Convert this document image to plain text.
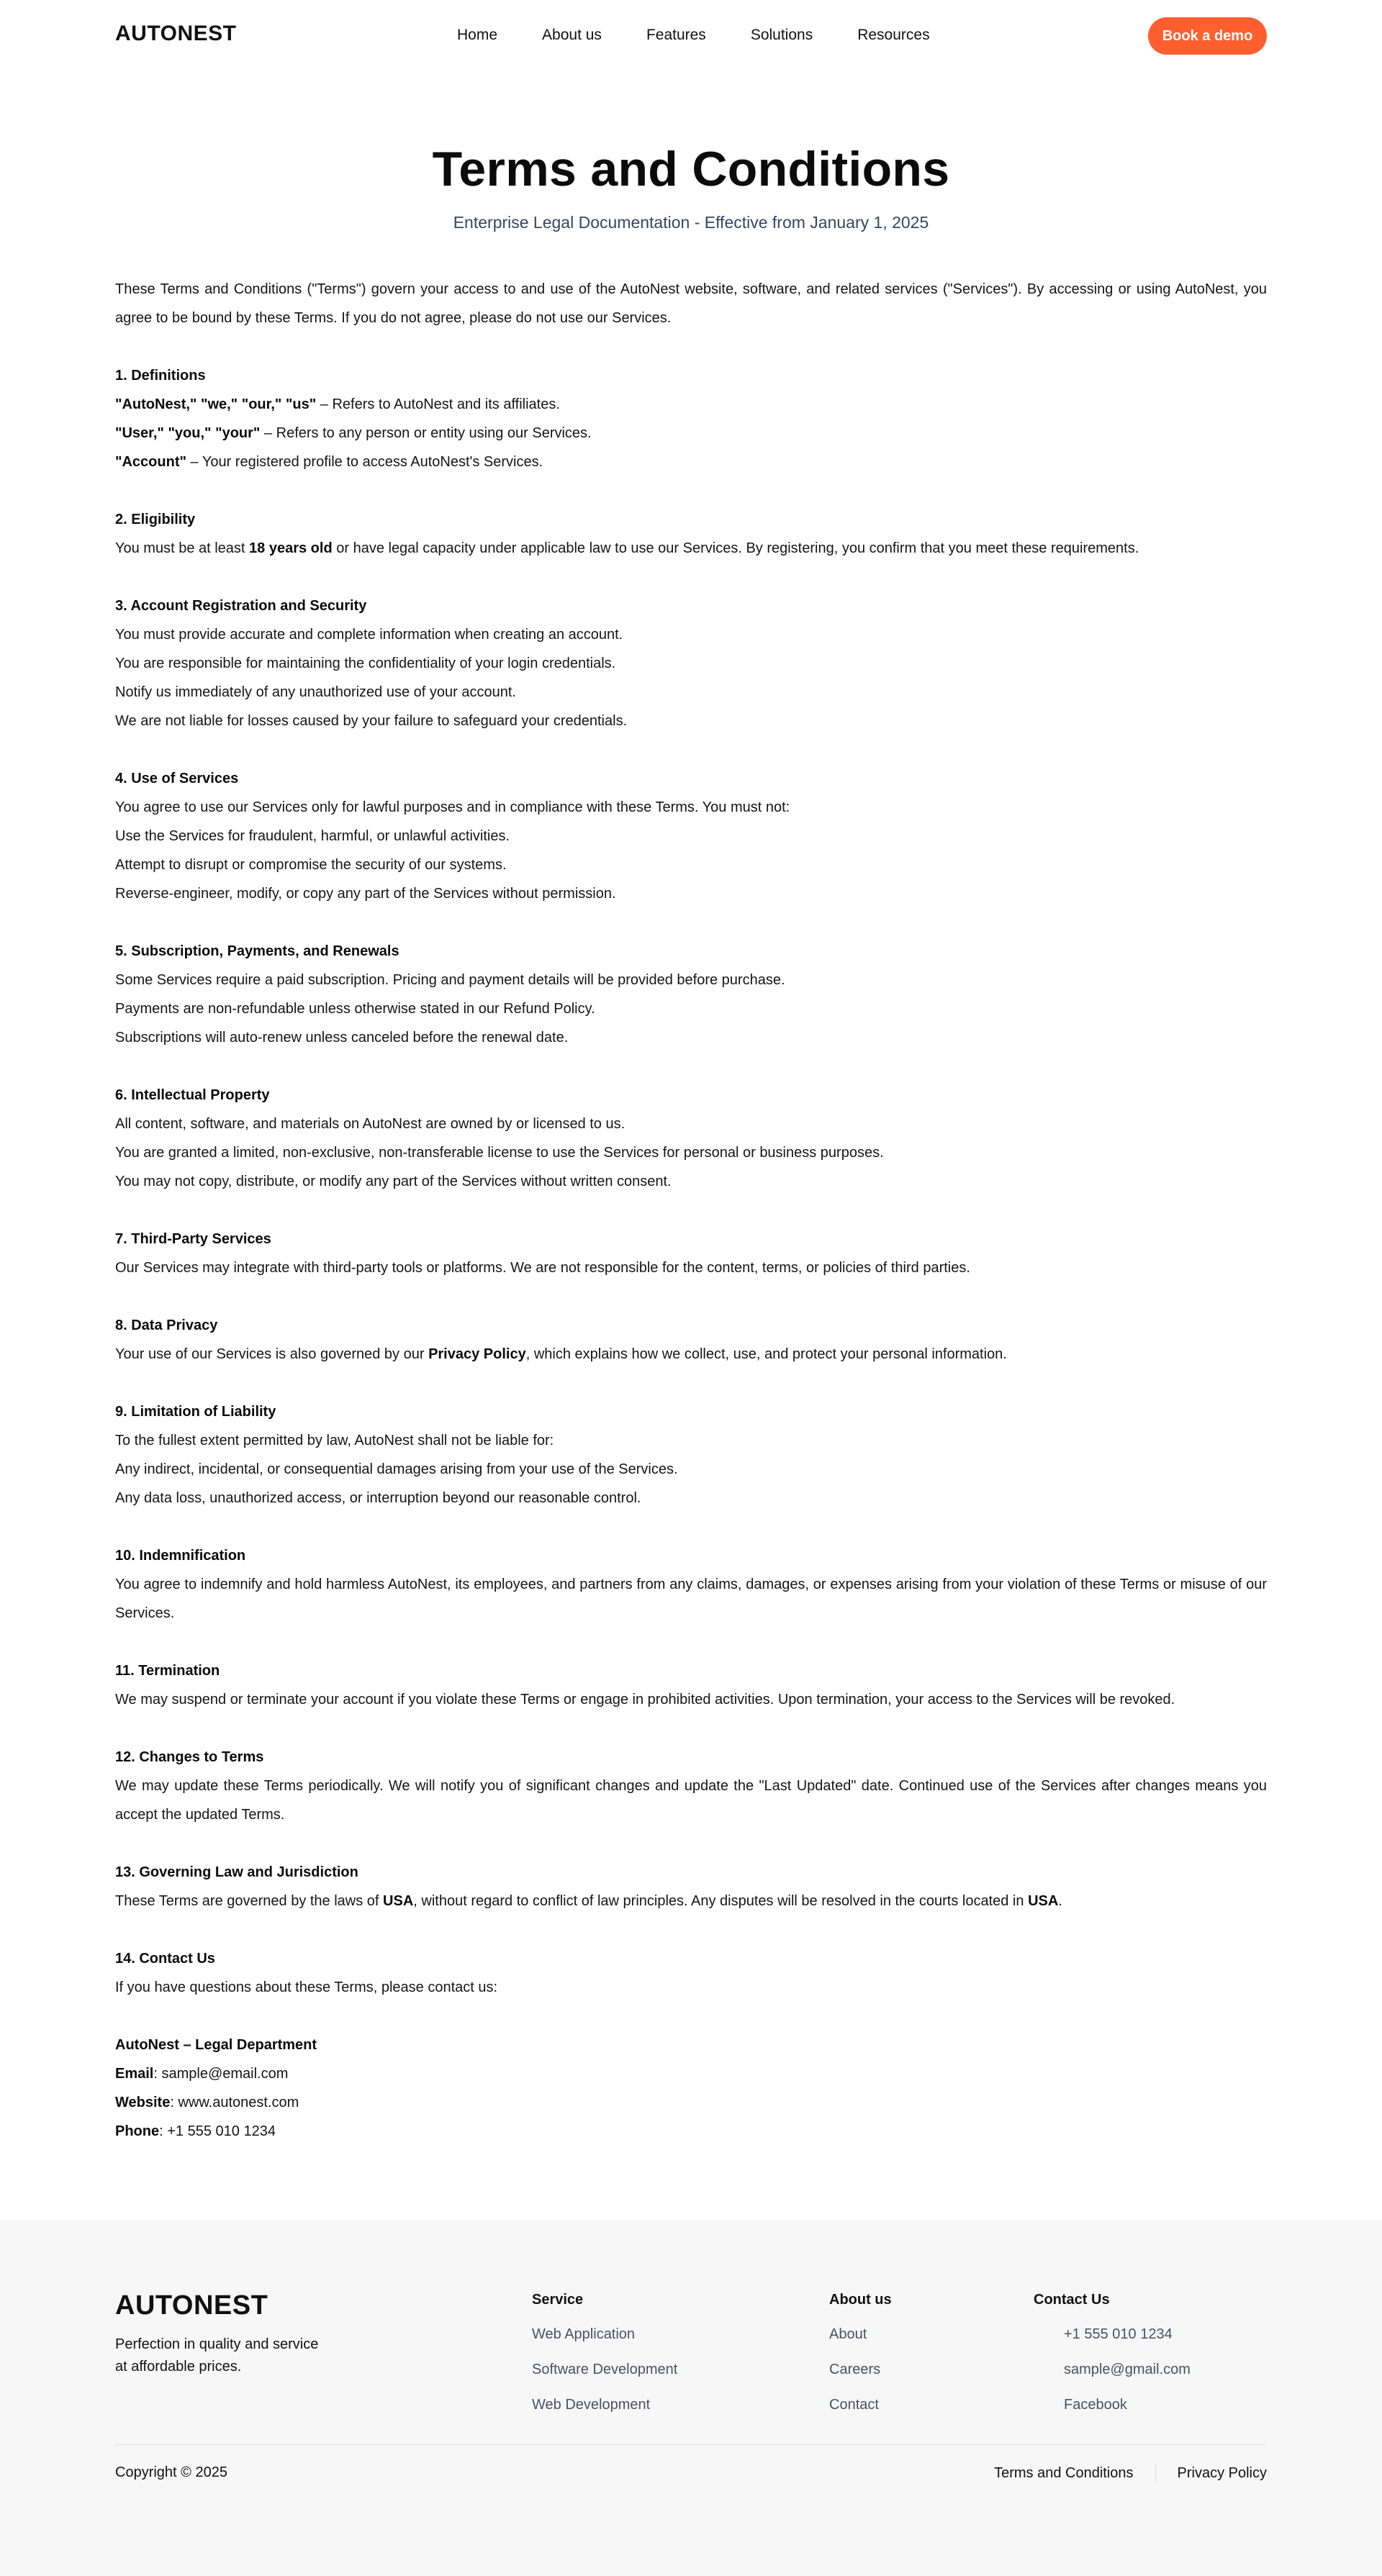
AUTONEST	Home	About us	Features	Solutions	Resources	Book a demo
Terms and Conditions
Enterprise Legal Documentation - Effective from January 1, 2025

These Terms and Conditions ("Terms") govern your access to and use of the AutoNest website, software, and related services ("Services"). By accessing or using AutoNest, you agree to be bound by these Terms. If you do not agree, please do not use our Services.

1. Definitions
"AutoNest," "we," "our," "us" – Refers to AutoNest and its affiliates.
"User," "you," "your" – Refers to any person or entity using our Services.
"Account" – Your registered profile to access AutoNest's Services.
2. Eligibility
You must be at least 18 years old or have legal capacity under applicable law to use our Services. By registering, you confirm that you meet these requirements.
3. Account Registration and Security
You must provide accurate and complete information when creating an account.
You are responsible for maintaining the confidentiality of your login credentials.
Notify us immediately of any unauthorized use of your account.
We are not liable for losses caused by your failure to safeguard your credentials.
4. Use of Services
You agree to use our Services only for lawful purposes and in compliance with these Terms. You must not:
Use the Services for fraudulent, harmful, or unlawful activities.
Attempt to disrupt or compromise the security of our systems.
Reverse-engineer, modify, or copy any part of the Services without permission.
5. Subscription, Payments, and Renewals
Some Services require a paid subscription. Pricing and payment details will be provided before purchase.
Payments are non-refundable unless otherwise stated in our Refund Policy.
Subscriptions will auto-renew unless canceled before the renewal date.
6. Intellectual Property
All content, software, and materials on AutoNest are owned by or licensed to us.
You are granted a limited, non-exclusive, non-transferable license to use the Services for personal or business purposes.
You may not copy, distribute, or modify any part of the Services without written consent.
7. Third-Party Services
Our Services may integrate with third-party tools or platforms. We are not responsible for the content, terms, or policies of third parties.
8. Data Privacy
Your use of our Services is also governed by our Privacy Policy, which explains how we collect, use, and protect your personal information.
9. Limitation of Liability
To the fullest extent permitted by law, AutoNest shall not be liable for:
Any indirect, incidental, or consequential damages arising from your use of the Services.
Any data loss, unauthorized access, or interruption beyond our reasonable control.
10. Indemnification
You agree to indemnify and hold harmless AutoNest, its employees, and partners from any claims, damages, or expenses arising from your violation of these Terms or misuse of our Services.
11. Termination
We may suspend or terminate your account if you violate these Terms or engage in prohibited activities. Upon termination, your access to the Services will be revoked.
12. Changes to Terms
We may update these Terms periodically. We will notify you of significant changes and update the "Last Updated" date. Continued use of the Services after changes means you accept the updated Terms.
13. Governing Law and Jurisdiction
These Terms are governed by the laws of USA, without regard to conflict of law principles. Any disputes will be resolved in the courts located in USA.
14. Contact Us
If you have questions about these Terms, please contact us:
AutoNest – Legal Department
Email: sample@email.com
Website: www.autonest.com
Phone: +1 555 010 1234
AUTONEST
Perfection in quality and service at affordable prices.
Service
Web Application
Software Development
Web Development
About us
About
Careers
Contact
Contact Us
+1 555 010 1234
sample@gmail.com
Facebook
Copyright © 2025	Terms and Conditions	Privacy Policy
